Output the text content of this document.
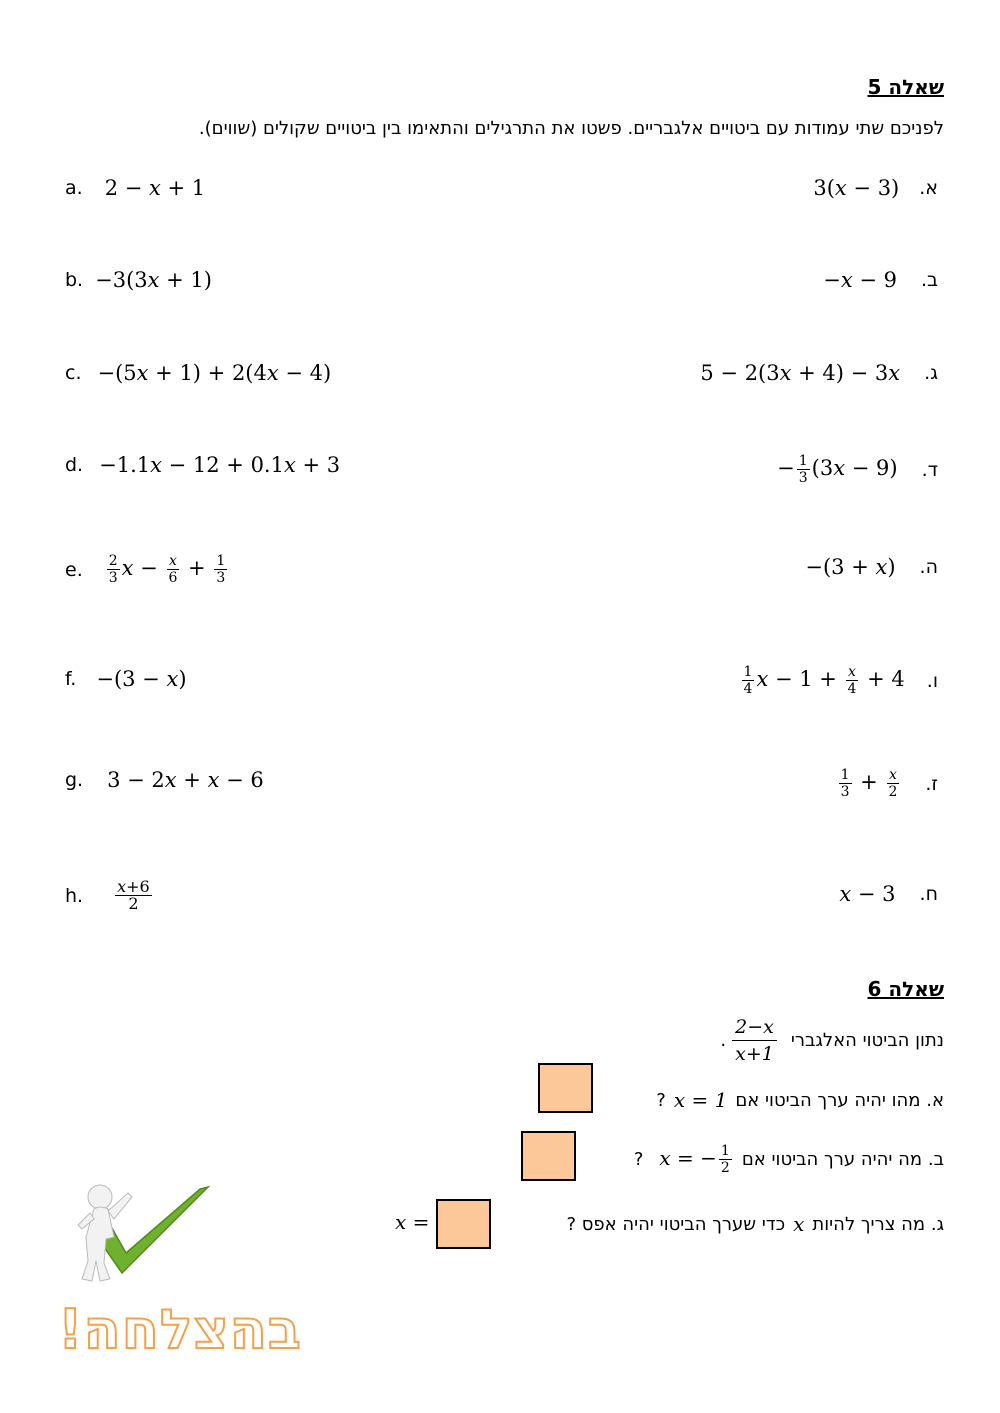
שאלה 5
לפניכם שתי עמודות עם ביטויים אלגבריים. פשטו את התרגילים והתאימו בין ביטויים שקולים (שווים).
a. 2 − x + 1
b. −3(3x + 1)
c. −(5x + 1) + 2(4x − 4)
d. −1.1x − 12 + 0.1x + 3
e. $\frac{2}{3}$ $x - \frac{x}{6} + \frac{1}{3}$
f. −(3 − x)
g. 3 − 2x + x − 6
h. $\frac{x+6}{2}$
3(x − 3) א.
−x − 9 ב.
5 − 2(3x + 4) − 3x ג.
− $\frac{1}{3} (3x - 9)$ ד.
−(3 + x) ה.
$\frac{1}{4}$ $x - 1 + \frac{x}{4} + 4$ ו.
$\frac{1}{3} + \frac{x}{2}$ ז.
x − 3 ח.
שאלה 6
. $\frac{2-x}{x+1}$ נתון הביטוי האלגברי
? x = 1 א. מהו יהיה ערך הביטוי אם
? x = − $\frac{1}{2}$ ב. מה יהיה ערך הביטוי אם
x =	כדי שערך הביטוי יהיה אפס ? x ג. מה צריך להיות
בהצלחה!
